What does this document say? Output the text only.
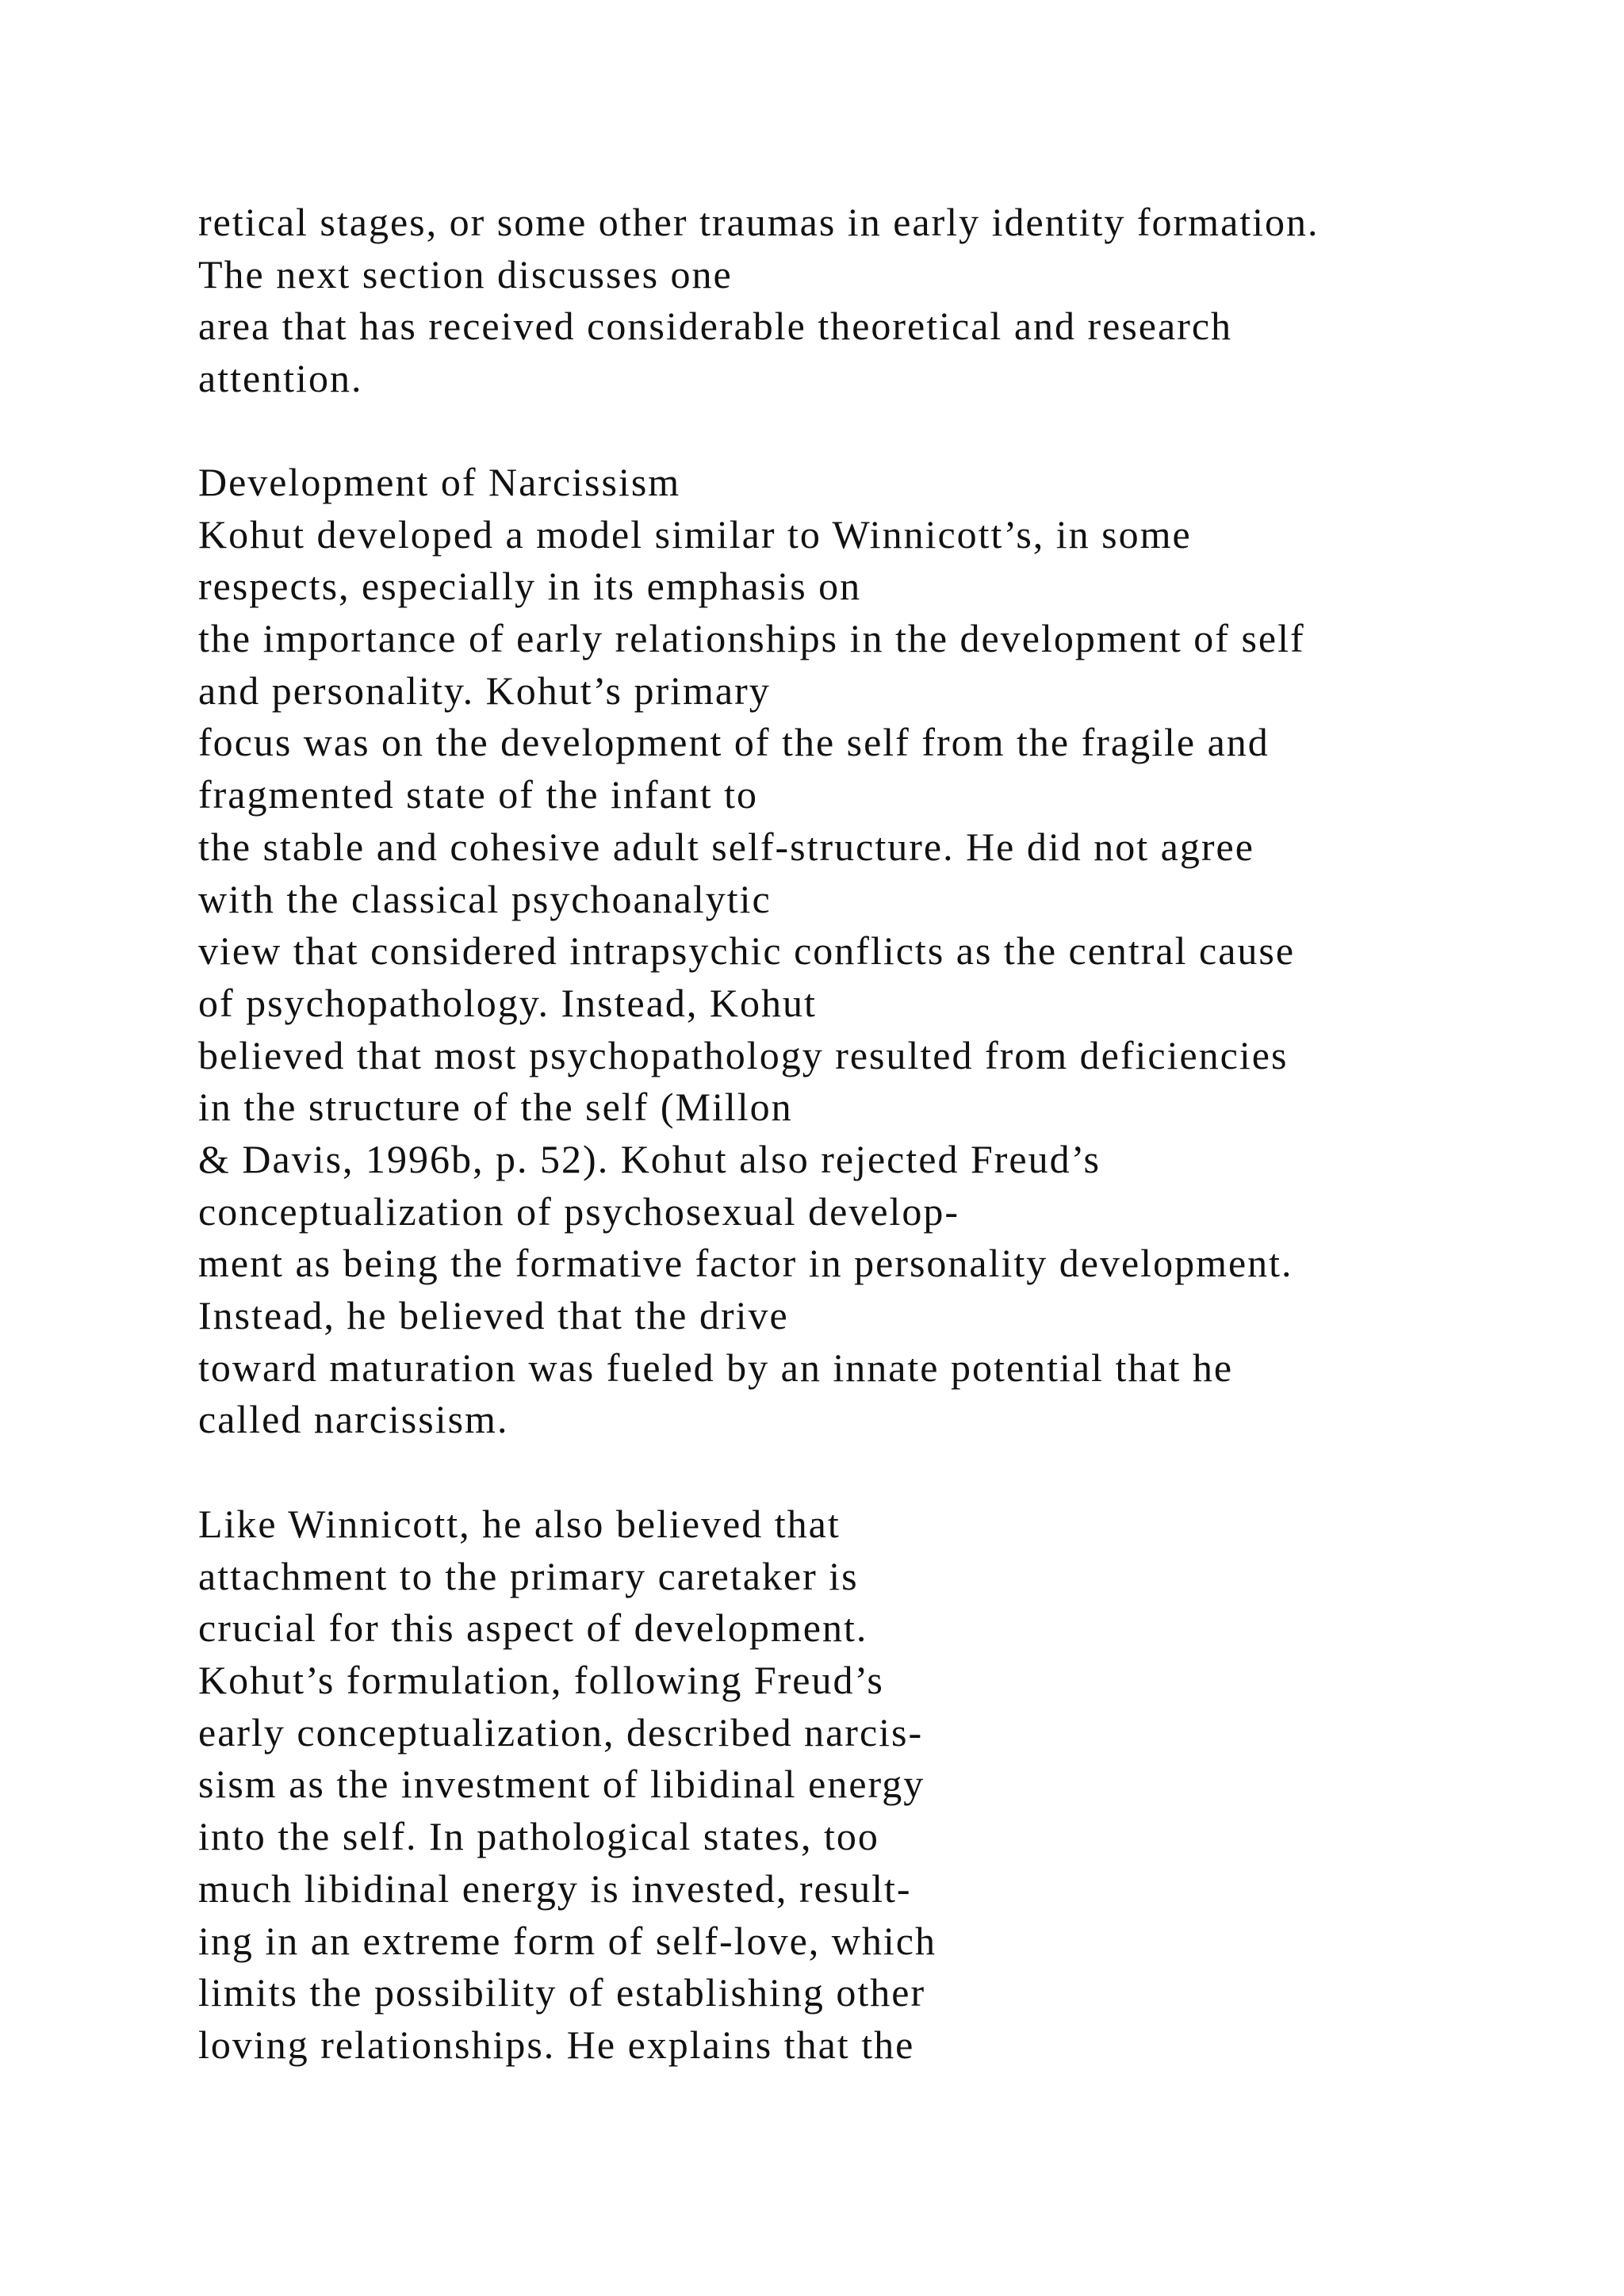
retical stages, or some other traumas in early identity formation.
The next section discusses one
area that has received considerable theoretical and research
attention.
Development of Narcissism
Kohut developed a model similar to Winnicott’s, in some
respects, especially in its emphasis on
the importance of early relationships in the development of self
and personality. Kohut’s primary
focus was on the development of the self from the fragile and
fragmented state of the infant to
the stable and cohesive adult self-structure. He did not agree
with the classical psychoanalytic
view that considered intrapsychic conflicts as the central cause
of psychopathology. Instead, Kohut
believed that most psychopathology resulted from deficiencies
in the structure of the self (Millon
& Davis, 1996b, p. 52). Kohut also rejected Freud’s
conceptualization of psychosexual develop-
ment as being the formative factor in personality development.
Instead, he believed that the drive
toward maturation was fueled by an innate potential that he
called narcissism.
Like Winnicott, he also believed that
attachment to the primary caretaker is
crucial for this aspect of development.
Kohut’s formulation, following Freud’s
early conceptualization, described narcis-
sism as the investment of libidinal energy
into the self. In pathological states, too
much libidinal energy is invested, result-
ing in an extreme form of self-love, which
limits the possibility of establishing other
loving relationships. He explains that the
